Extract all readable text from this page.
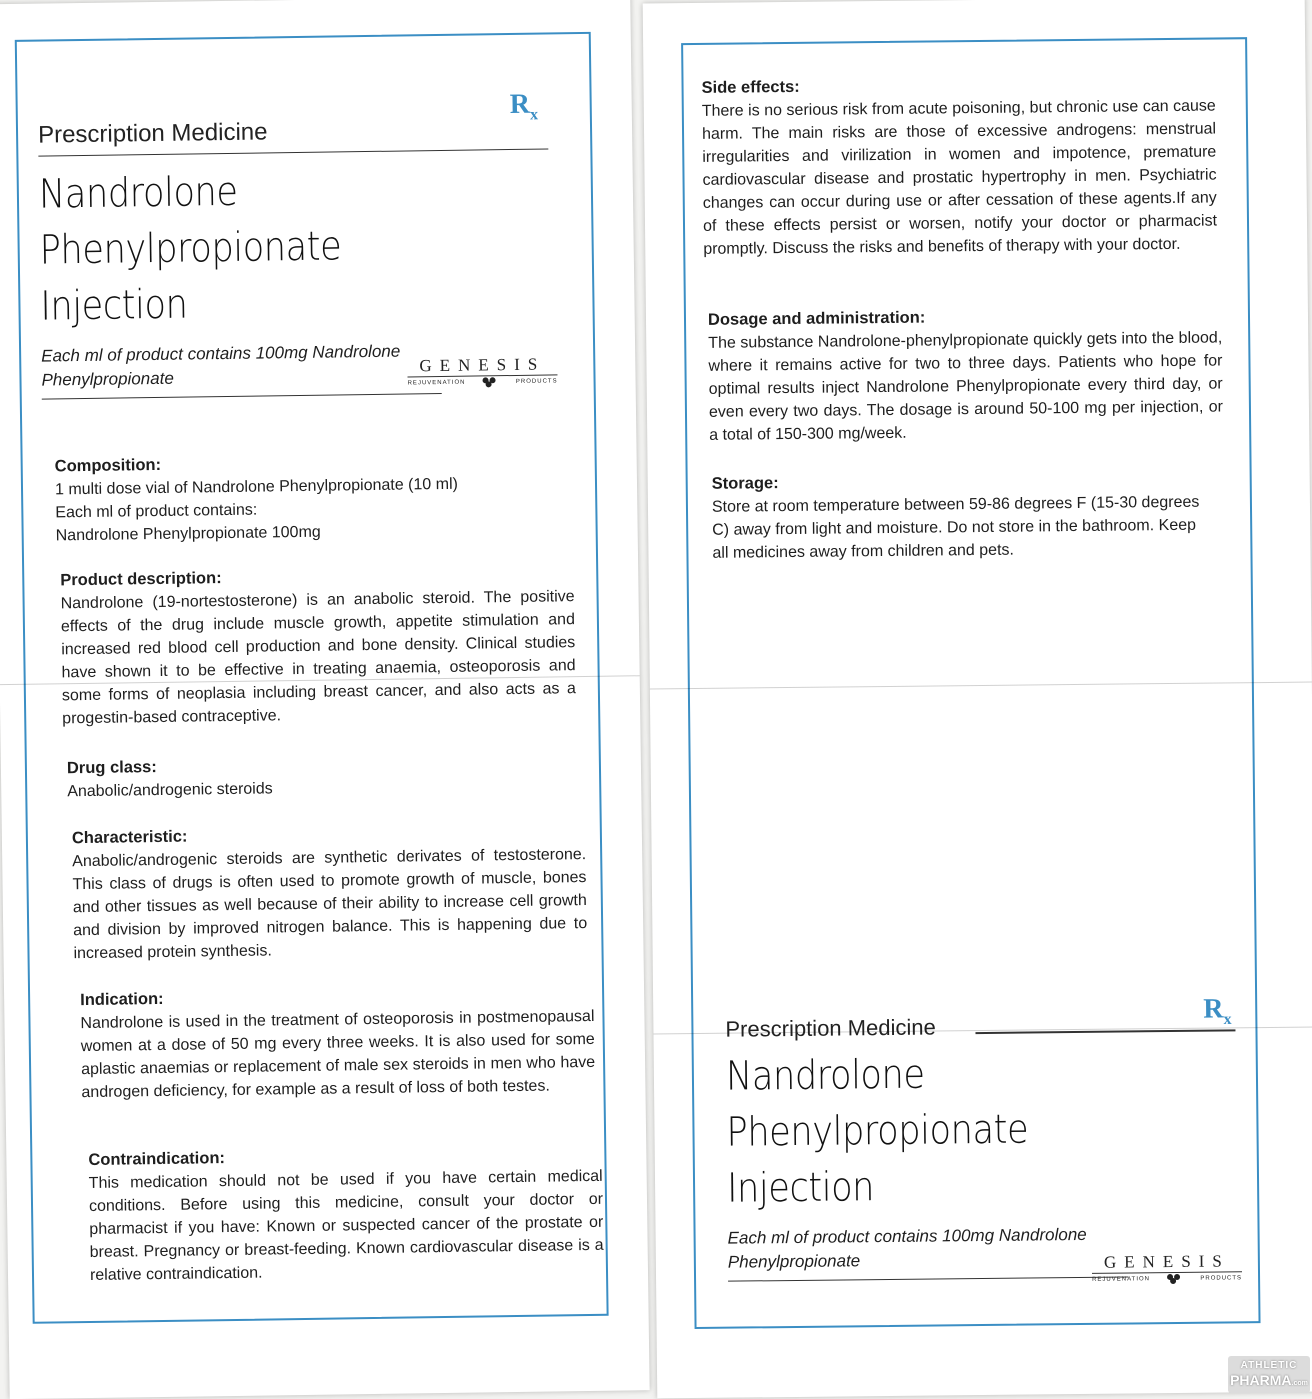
$R_x$
Prescription Medicine
Nandrolone
Phenylpropionate Injection
Each ml of product contains 100mg Nandrolone Phenylpropionate
GENESIS
REJUVENATION	PRODUCTS
Composition:

1 multi dose vial of Nandrolone Phenylpropionate (10 ml)

Each ml of product contains:

Nandrolone Phenylpropionate 100mg

Product description:

Nandrolone (19-nortestosterone) is an anabolic steroid. The positive effects of the drug include muscle growth, appetite stimulation and increased red blood cell production and bone density. Clinical studies have shown it to be effective in treating anaemia, osteoporosis and some forms of neoplasia including breast cancer, and also acts as a progestin-based contraceptive.

Drug class:

Anabolic/androgenic steroids

Characteristic:

Anabolic/androgenic steroids are synthetic derivates of testosterone. This class of drugs is often used to promote growth of muscle, bones and other tissues as well because of their ability to increase cell growth and division by improved nitrogen balance. This is happening due to increased protein synthesis.

Indication:

Nandrolone is used in the treatment of osteoporosis in postmenopausal women at a dose of 50 mg every three weeks. It is also used for some aplastic anaemias or replacement of male sex steroids in men who have androgen deficiency, for example as a result of loss of both testes.

Contraindication:

This medication should not be used if you have certain medical conditions. Before using this medicine, consult your doctor or pharmacist if you have: Known or suspected cancer of the prostate or breast. Pregnancy or breast-feeding. Known cardiovascular disease is a relative contraindication.

Side effects:

There is no serious risk from acute poisoning, but chronic use can cause harm. The main risks are those of excessive androgens: menstrual irregularities and virilization in women and impotence, premature cardiovascular disease and prostatic hypertrophy in men. Psychiatric changes can occur during use or after cessation of these agents.If any of these effects persist or worsen, notify your doctor or pharmacist promptly. Discuss the risks and benefits of therapy with your doctor.

Dosage and administration:

The substance Nandrolone-phenylpropionate quickly gets into the blood, where it remains active for two to three days. Patients who hope for optimal results inject Nandrolone Phenylpropionate every third day, or even every two days. The dosage is around 50-100 mg per injection, or a total of 150-300 mg/week.

Storage:

Store at room temperature between 59-86 degrees F (15-30 degrees C) away from light and moisture. Do not store in the bathroom. Keep all medicines away from children and pets.

$R_x$
Prescription Medicine
Nandrolone
Phenylpropionate Injection
Each ml of product contains 100mg Nandrolone Phenylpropionate	GENESIS
REJUVENATION	PRODUCTS
ATHLETIC
PHARMA.com
